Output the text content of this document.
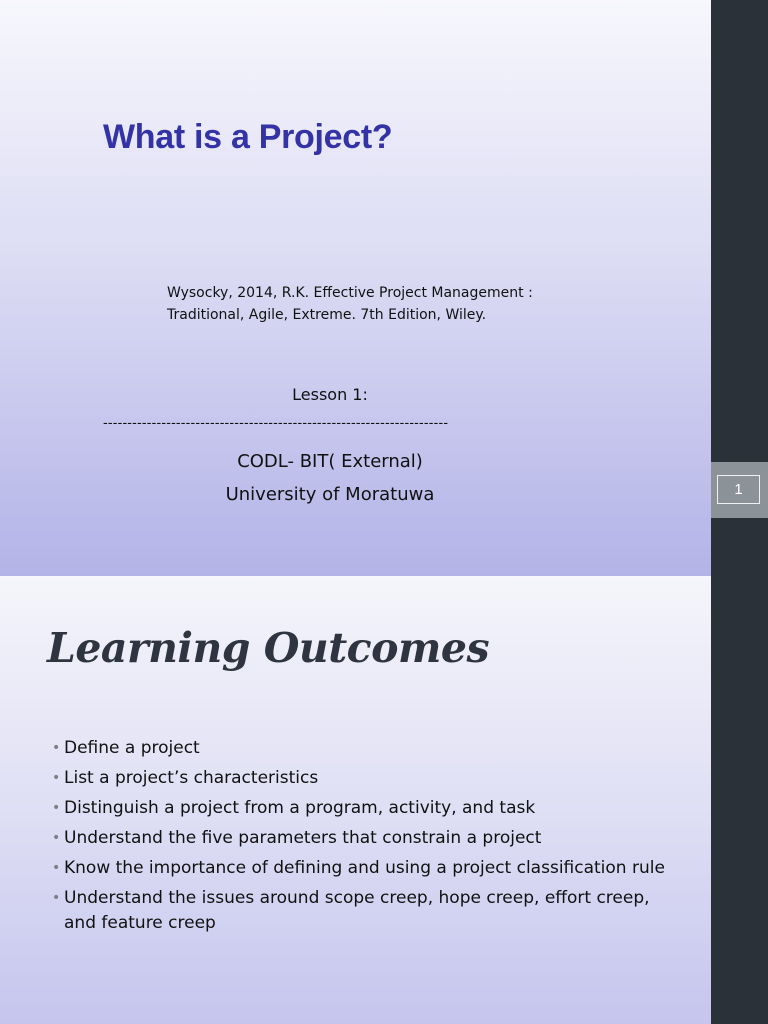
What is a Project?
Wysocky, 2014, R.K. Effective Project Management :
Traditional, Agile, Extreme. 7th Edition, Wiley.
Lesson 1:
-----------------------------------------------------------------------
CODL- BIT( External)
University of Moratuwa
Learning Outcomes
• Define a project
• List a project’s characteristics
• Distinguish a project from a program, activity, and task
• Understand the five parameters that constrain a project
• Know the importance of defining and using a project classification rule
• Understand the issues around scope creep, hope creep, effort creep, and feature creep
1
